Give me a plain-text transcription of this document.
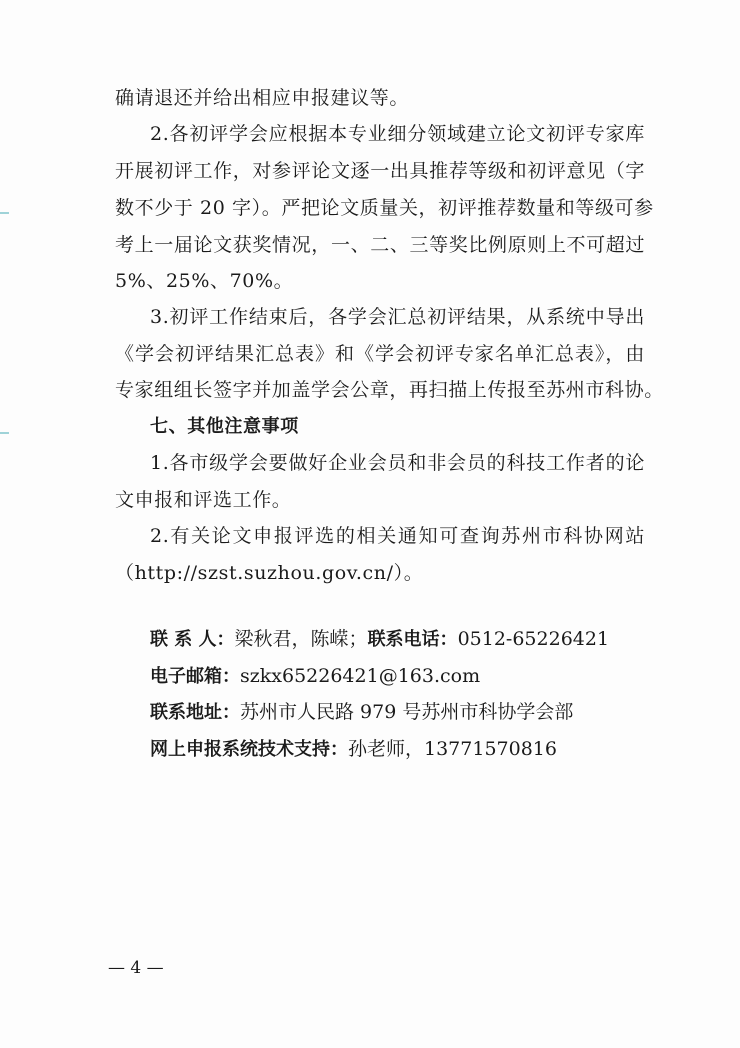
确请退还并给出相应申报建议等。
2.各初评学会应根据本专业细分领域建立论文初评专家库
开展初评工作，对参评论文逐一出具推荐等级和初评意见（字
数不少于 20 字）。严把论文质量关，初评推荐数量和等级可参
考上一届论文获奖情况，一、二、三等奖比例原则上不可超过
5%、25%、70%。
3.初评工作结束后，各学会汇总初评结果，从系统中导出
《学会初评结果汇总表》和《学会初评专家名单汇总表》，由
专家组组长签字并加盖学会公章，再扫描上传报至苏州市科协。
七、其他注意事项
1.各市级学会要做好企业会员和非会员的科技工作者的论
文申报和评选工作。
2.有关论文申报评选的相关通知可查询苏州市科协网站
（http://szst.suzhou.gov.cn/）。
联 系 人：梁秋君，陈嵘；联系电话：0512-65226421
电子邮箱：szkx65226421@163.com
联系地址：苏州市人民路 979 号苏州市科协学会部
网上申报系统技术支持：孙老师，13771570816
— 4 —
